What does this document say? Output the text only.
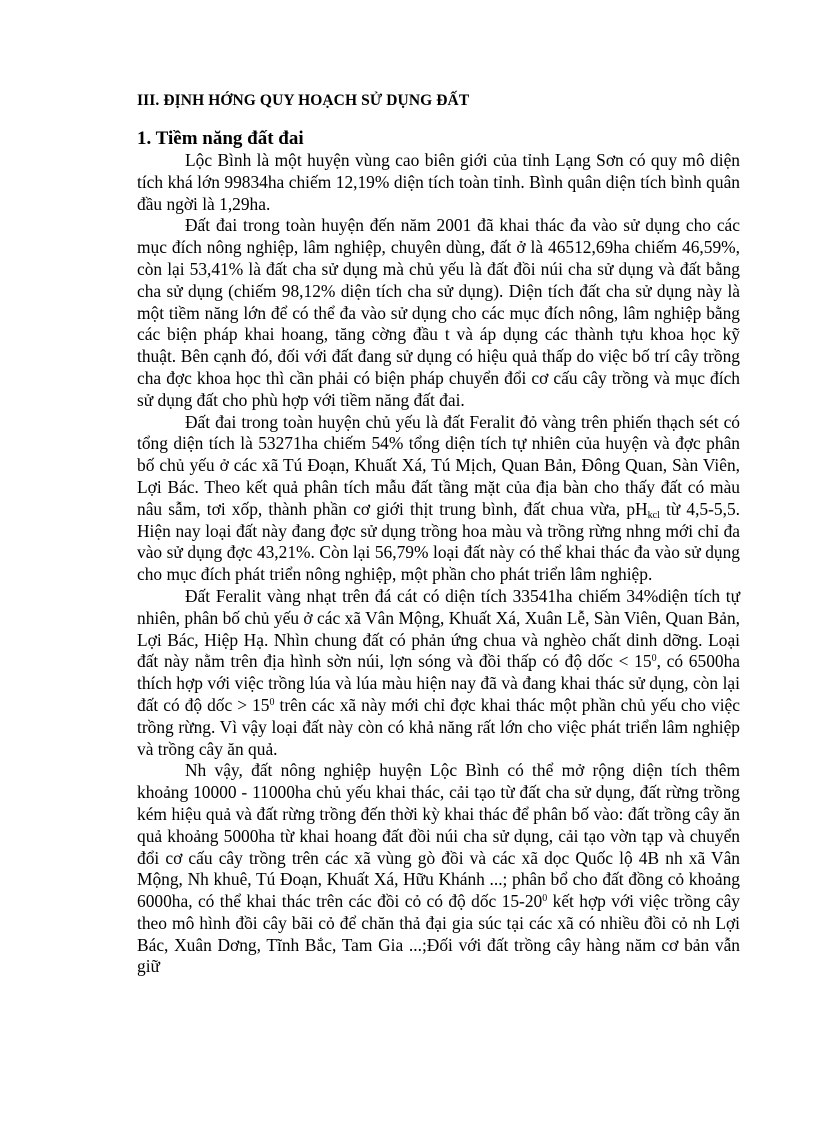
III. ĐỊNH HỚNG QUY HOẠCH SỬ DỤNG ĐẤT
1. Tiềm năng đất đai

Lộc Bình là một huyện vùng cao biên giới của tỉnh Lạng Sơn có quy mô diện tích khá lớn 99834ha chiếm 12,19% diện tích toàn tỉnh. Bình quân diện tích bình quân đầu ngời là 1,29ha.

Đất đai trong toàn huyện đến năm 2001 đã khai thác đa vào sử dụng cho các mục đích nông nghiệp, lâm nghiệp, chuyên dùng, đất ở là 46512,69ha chiếm 46,59%, còn lại 53,41% là đất cha sử dụng mà chủ yếu là đất đồi núi cha sử dụng và đất bằng cha sử dụng (chiếm 98,12% diện tích cha sử dụng). Diện tích đất cha sử dụng này là một tiềm năng lớn để có thể đa vào sử dụng cho các mục đích nông, lâm nghiệp bằng các biện pháp khai hoang, tăng cờng đầu t và áp dụng các thành tựu khoa học kỹ thuật. Bên cạnh đó, đối với đất đang sử dụng có hiệu quả thấp do việc bố trí cây trồng cha đợc khoa học thì cần phải có biện pháp chuyển đổi cơ cấu cây trồng và mục đích sử dụng đất cho phù hợp với tiềm năng đất đai.

Đất đai trong toàn huyện chủ yếu là đất Feralit đỏ vàng trên phiến thạch sét có tổng diện tích là 53271ha chiếm 54% tổng diện tích tự nhiên của huyện và đợc phân bố chủ yếu ở các xã Tú Đoạn, Khuất Xá, Tú Mịch, Quan Bản, Đông Quan, Sàn Viên, Lợi Bác. Theo kết quả phân tích mẫu đất tầng mặt của địa bàn cho thấy đất có màu nâu sẫm, tơi xốp, thành phần cơ giới thịt trung bình, đất chua vừa, $pH_{kcl}$ từ 4,5-5,5. Hiện nay loại đất này đang đợc sử dụng trồng hoa màu và trồng rừng nhng mới chỉ đa vào sử dụng đợc 43,21%. Còn lại 56,79% loại đất này có thể khai thác đa vào sử dụng cho mục đích phát triển nông nghiệp, một phần cho phát triển lâm nghiệp.

Đất Feralit vàng nhạt trên đá cát có diện tích 33541ha chiếm 34%diện tích tự nhiên, phân bố chủ yếu ở các xã Vân Mộng, Khuất Xá, Xuân Lễ, Sàn Viên, Quan Bản, Lợi Bác, Hiệp Hạ. Nhìn chung đất có phản ứng chua và nghèo chất dinh dỡng. Loại đất này nằm trên địa hình sờn núi, lợn sóng và đồi thấp có độ dốc < $15^0$, có 6500ha thích hợp với việc trồng lúa và lúa màu hiện nay đã và đang khai thác sử dụng, còn lại đất có độ dốc > $15^0$ trên các xã này mới chỉ đợc khai thác một phần chủ yếu cho việc trồng rừng. Vì vậy loại đất này còn có khả năng rất lớn cho việc phát triển lâm nghiệp và trồng cây ăn quả.

Nh vậy, đất nông nghiệp huyện Lộc Bình có thể mở rộng diện tích thêm khoảng 10000 - 11000ha chủ yếu khai thác, cải tạo từ đất cha sử dụng, đất rừng trồng kém hiệu quả và đất rừng trồng đến thời kỳ khai thác để phân bố vào: đất trồng cây ăn quả khoảng 5000ha từ khai hoang đất đồi núi cha sử dụng, cải tạo vờn tạp và chuyển đổi cơ cấu cây trồng trên các xã vùng gò đồi và các xã dọc Quốc lộ 4B nh xã Vân Mộng, Nh khuê, Tú Đoạn, Khuất Xá, Hữu Khánh ...; phân bổ cho đất đồng cỏ khoảng 6000ha, có thể khai thác trên các đồi cỏ có độ dốc $15-20^0$ kết hợp với việc trồng cây theo mô hình đồi cây bãi cỏ để chăn thả đại gia súc tại các xã có nhiều đồi cỏ nh Lợi Bác, Xuân Dơng, Tĩnh Bắc, Tam Gia ...;Đối với đất trồng cây hàng năm cơ bản vẫn giữ
